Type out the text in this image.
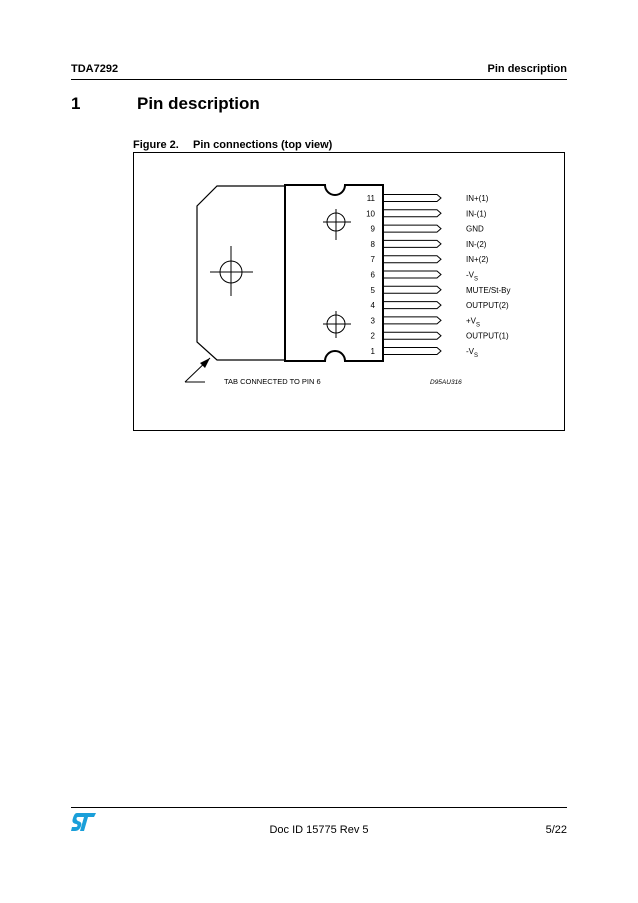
TDA7292	Pin description
1	Pin description
Figure 2. Pin connections (top view)
11	IN+(1)
10	IN-(1)
9	GND
8	IN-(2)
7	IN+(2)
6	$-V_S$
5	MUTE/St-By
4	OUTPUT(2)
3	$+V_S$
2	OUTPUT(1)
1	$-V_S$
TAB CONNECTED TO PIN 6	D95AU316
Doc ID 15775 Rev 5	5/22
